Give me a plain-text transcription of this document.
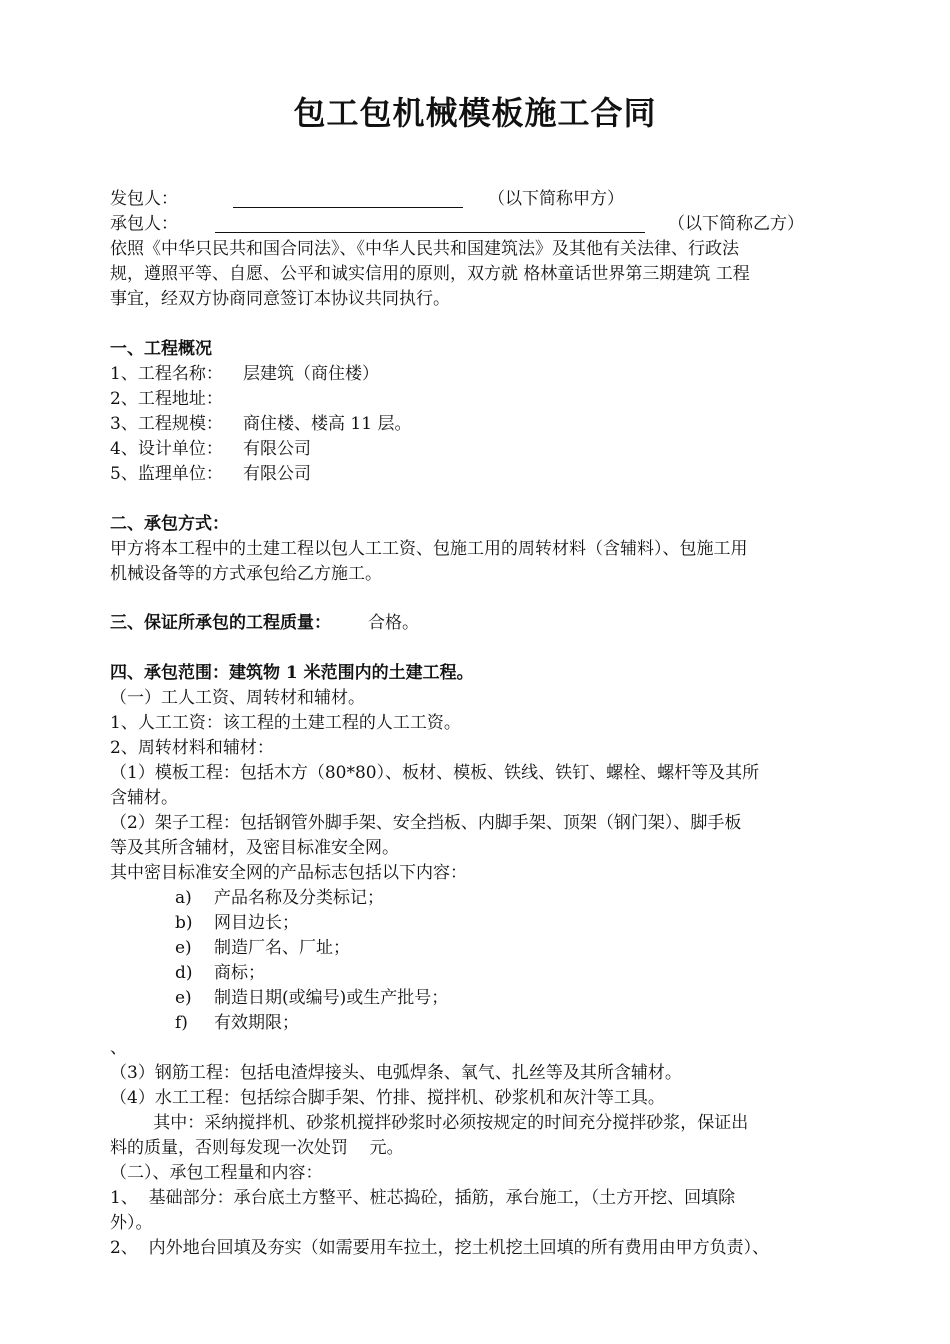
包工包机械模板施工合同
发包人：	（以下简称甲方）
承包人：	（以下简称乙方）
依照《中华只民共和国合同法》、《中华人民共和国建筑法》及其他有关法律、行政法
规，遵照平等、自愿、公平和诚实信用的原则，双方就 格林童话世界第三期建筑 工程
事宜，经双方协商同意签订本协议共同执行。
一、工程概况
1、工程名称： 层建筑（商住楼）
2、工程地址：
3、工程规模： 商住楼、楼高 11 层。
4、设计单位： 有限公司
5、监理单位： 有限公司
二、承包方式：
甲方将本工程中的土建工程以包人工工资、包施工用的周转材料（含辅料）、包施工用
机械设备等的方式承包给乙方施工。
三、保证所承包的工程质量： 合格。
四、承包范围：建筑物 1 米范围内的土建工程。
（一）工人工资、周转材和辅材。
1、人工工资：该工程的土建工程的人工工资。
2、周转材料和辅材：
（1）模板工程：包括木方（80*80）、板材、模板、铁线、铁钉、螺栓、螺杆等及其所
含辅材。
（2）架子工程：包括钢管外脚手架、安全挡板、内脚手架、顶架（钢门架）、脚手板
等及其所含辅材，及密目标准安全网。
其中密目标准安全网的产品标志包括以下内容：
a) 产品名称及分类标记；
b) 网目边长；
e) 制造厂名、厂址；
d) 商标；
e) 制造日期(或编号)或生产批号；
f) 有效期限；
、
（3）钢筋工程：包括电渣焊接头、电弧焊条、氧气、扎丝等及其所含辅材。
（4）水工工程：包括综合脚手架、竹排、搅拌机、砂浆机和灰汁等工具。
其中：采纳搅拌机、砂浆机搅拌砂浆时必须按规定的时间充分搅拌砂浆，保证出
料的质量，否则每发现一次处罚    元。
（二）、承包工程量和内容：
1、  基础部分：承台底土方整平、桩芯捣砼，插筋，承台施工，（土方开挖、回填除
外）。
2、  内外地台回填及夯实（如需要用车拉土，挖土机挖土回填的所有费用由甲方负责）、
